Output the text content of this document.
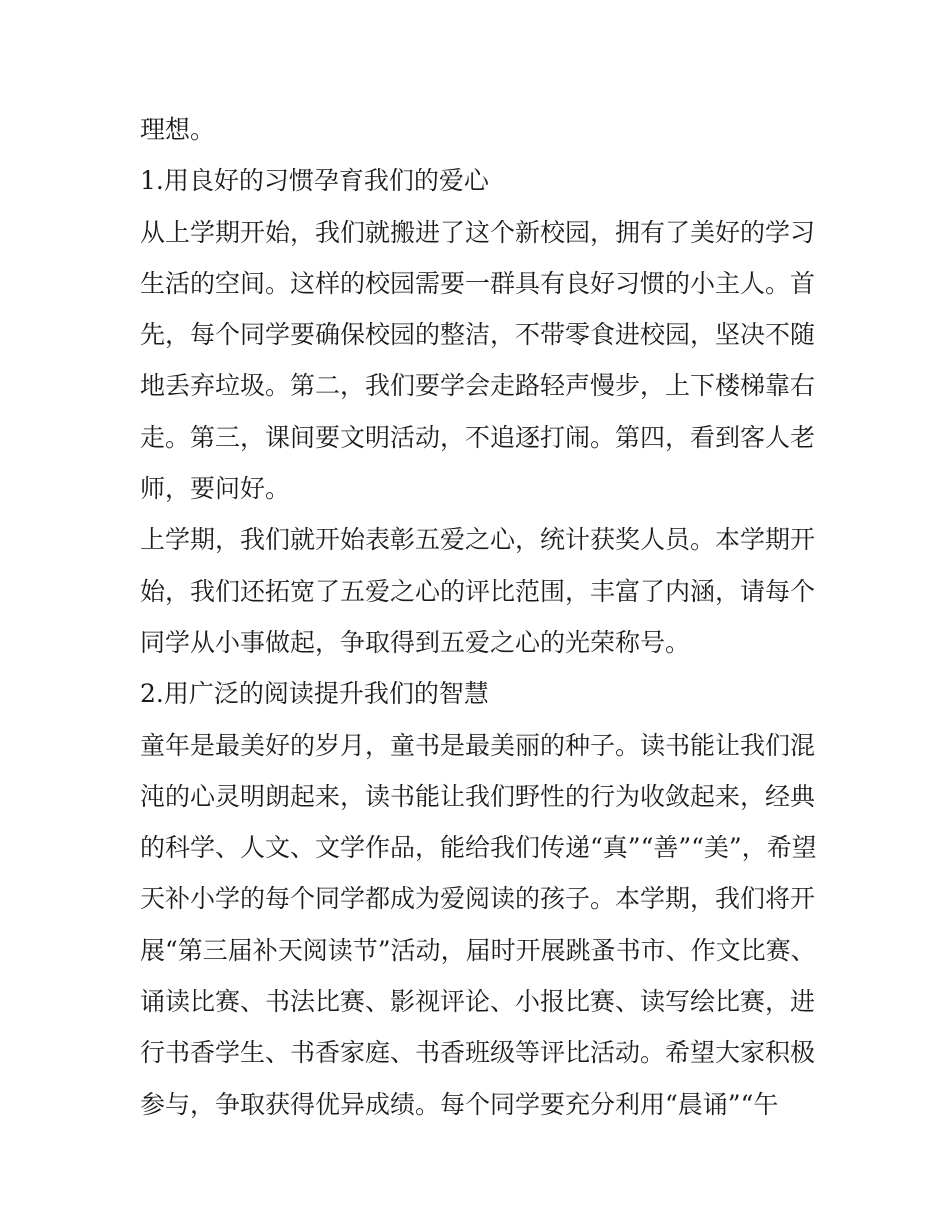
理想。
1.用良好的习惯孕育我们的爱心
从上学期开始，我们就搬进了这个新校园，拥有了美好的学习
生活的空间。这样的校园需要一群具有良好习惯的小主人。首
先，每个同学要确保校园的整洁，不带零食进校园，坚决不随
地丢弃垃圾。第二，我们要学会走路轻声慢步，上下楼梯靠右
走。第三，课间要文明活动，不追逐打闹。第四，看到客人老
师，要问好。
上学期，我们就开始表彰五爱之心，统计获奖人员。本学期开
始，我们还拓宽了五爱之心的评比范围，丰富了内涵，请每个
同学从小事做起，争取得到五爱之心的光荣称号。
2.用广泛的阅读提升我们的智慧
童年是最美好的岁月，童书是最美丽的种子。读书能让我们混
沌的心灵明朗起来，读书能让我们野性的行为收敛起来，经典
的科学、人文、文学作品，能给我们传递“真”“善”“美”，希望
天补小学的每个同学都成为爱阅读的孩子。本学期，我们将开
展“第三届补天阅读节”活动，届时开展跳蚤书市、作文比赛、
诵读比赛、书法比赛、影视评论、小报比赛、读写绘比赛，进
行书香学生、书香家庭、书香班级等评比活动。希望大家积极
参与，争取获得优异成绩。每个同学要充分利用“晨诵”“午
